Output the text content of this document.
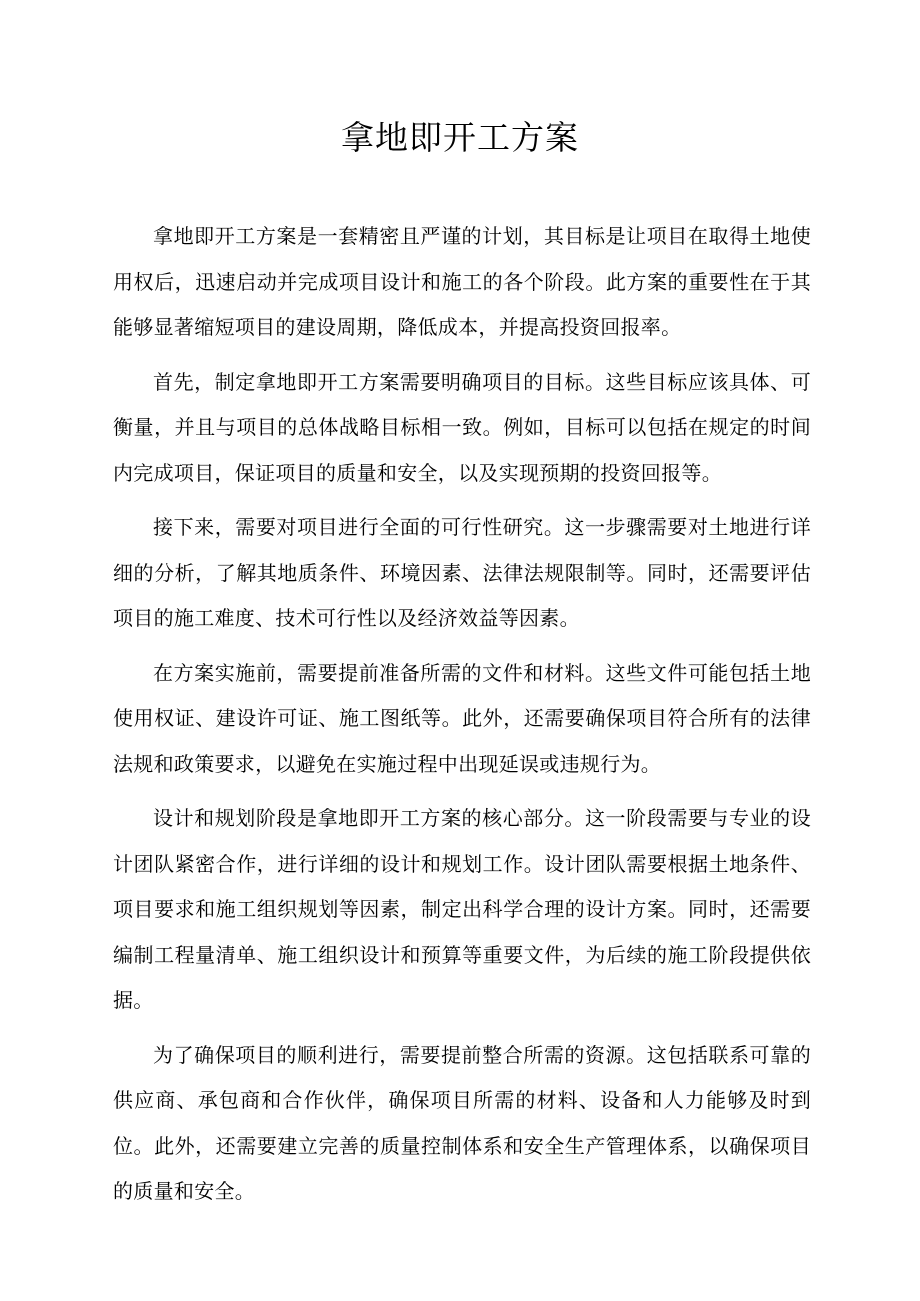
拿地即开工方案

拿地即开工方案是一套精密且严谨的计划，其目标是让项目在取得土地使用权后，迅速启动并完成项目设计和施工的各个阶段。此方案的重要性在于其能够显著缩短项目的建设周期，降低成本，并提高投资回报率。

首先，制定拿地即开工方案需要明确项目的目标。这些目标应该具体、可衡量，并且与项目的总体战略目标相一致。例如，目标可以包括在规定的时间内完成项目，保证项目的质量和安全，以及实现预期的投资回报等。

接下来，需要对项目进行全面的可行性研究。这一步骤需要对土地进行详细的分析，了解其地质条件、环境因素、法律法规限制等。同时，还需要评估项目的施工难度、技术可行性以及经济效益等因素。

在方案实施前，需要提前准备所需的文件和材料。这些文件可能包括土地使用权证、建设许可证、施工图纸等。此外，还需要确保项目符合所有的法律法规和政策要求，以避免在实施过程中出现延误或违规行为。

设计和规划阶段是拿地即开工方案的核心部分。这一阶段需要与专业的设计团队紧密合作，进行详细的设计和规划工作。设计团队需要根据土地条件、项目要求和施工组织规划等因素，制定出科学合理的设计方案。同时，还需要编制工程量清单、施工组织设计和预算等重要文件，为后续的施工阶段提供依据。

为了确保项目的顺利进行，需要提前整合所需的资源。这包括联系可靠的供应商、承包商和合作伙伴，确保项目所需的材料、设备和人力能够及时到位。此外，还需要建立完善的质量控制体系和安全生产管理体系，以确保项目的质量和安全。
